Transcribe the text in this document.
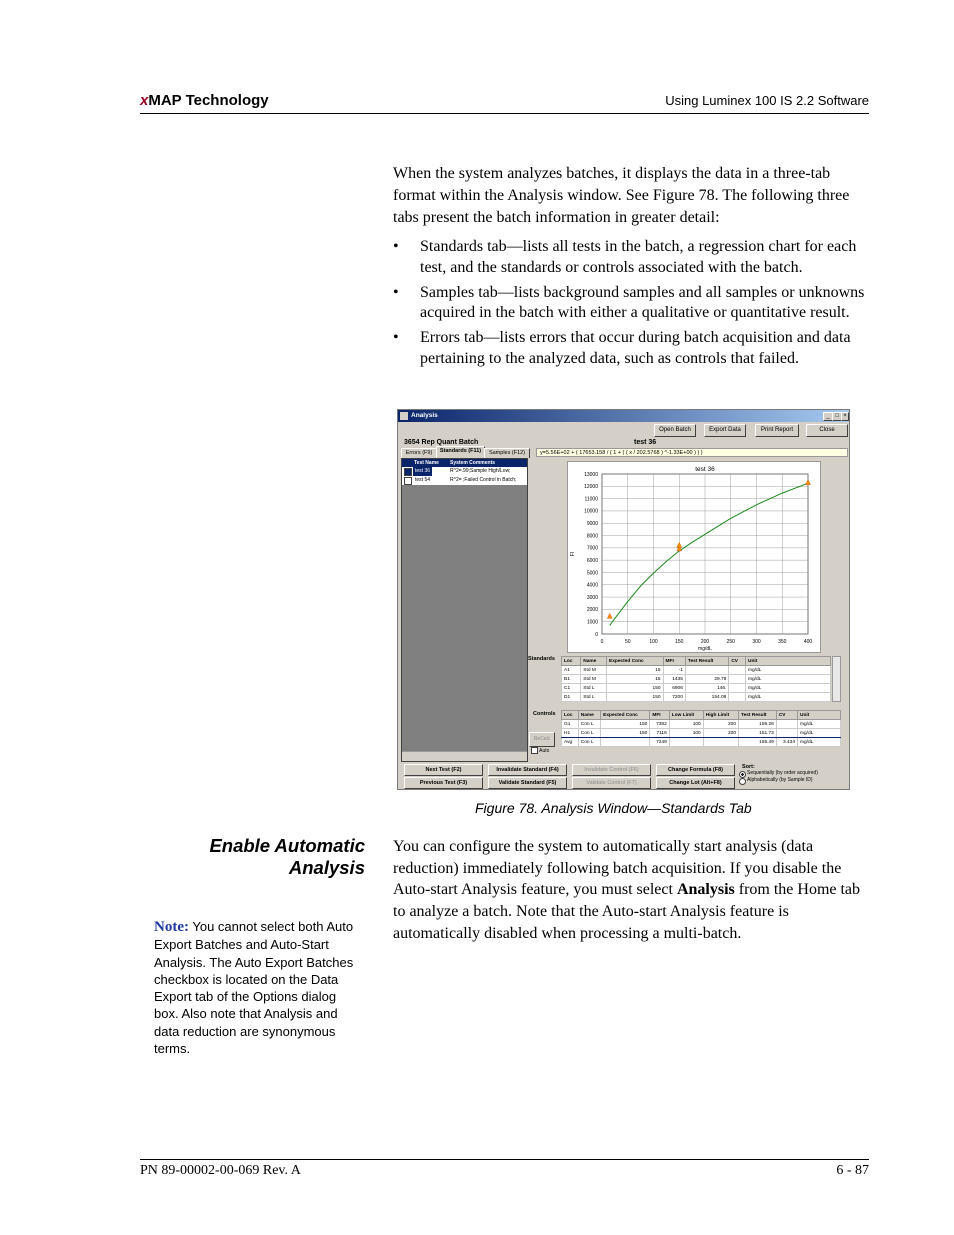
xMAP Technology	Using Luminex 100 IS 2.2 Software
When the system analyzes batches, it displays the data in a three-tab format within the Analysis window. See Figure 78. The following three tabs present the batch information in greater detail:
• Standards tab—lists all tests in the batch, a regression chart for each test, and the standards or controls associated with the batch.
• Samples tab—lists background samples and all samples or unknowns acquired in the batch with either a qualitative or quantitative result.
• Errors tab—lists errors that occur during batch acquisition and data pertaining to the analyzed data, such as controls that failed.
Analysis	_ □ ×
Open Batch	Export Data	Print Report	Close
3654 Rep Quant Batch	test 36
Errors (F9)	Standards (F11)	Samples (F12)	y=5.56E+02 + ( 17653.158 / ( 1 + ( ( x / 202.5768 ) ^-1.33E+00 ) ) )
Test Name System Comments
test 36	R^2=.99;Sample High/Low;
test 54	R^2= ;Failed Control in Batch;
0	50	100	150	200	250	300	350	400
0
1000
2000
3000
4000
5000
6000
7000
8000
9000
10000
11000
12000
13000
test 36
mg/dL
FI
Standards Loc	Name	Expected Conc	MFI	Test Result	CV	Unit
A1	Std M	15	-1			mg/dL
B1	Std M	15	1435	29.78		mg/dL
C1	Std L	150	6906	146.		mg/dL
D1	Std L	150	7200	154.08		mg/dL
Controls Loc	Name	Expected Conc	MFI	Low Limit	High Limit	Test Result	CV	Unit
G1	Con L	150	7382	100	200	159.26		mg/dL
H1	Con L	150	7116	100	200	151.73		mg/dL
Avg	Con L		7249			155.49	3.434	mg/dL
ReCalc
Auto
Next Test (F2)	Invalidate Standard (F4)	Invalidate Control (F6)	Change Formula (F8)
Previous Test (F3)	Validate Standard (F5)	Validate Control (F7)	Change Lot (Alt+F8)
Sort:
Sequentially (by order acquired)
Alphabetically (by Sample ID)
Figure 78. Analysis Window—Standards Tab
Enable Automatic
Analysis
You can configure the system to automatically start analysis (data reduction) immediately following batch acquisition. If you disable the Auto-start Analysis feature, you must select Analysis from the Home tab to analyze a batch. Note that the Auto-start Analysis feature is automatically disabled when processing a multi-batch.
Note: You cannot select both Auto Export Batches and Auto-Start Analysis. The Auto Export Batches checkbox is located on the Data Export tab of the Options dialog box. Also note that Analysis and data reduction are synonymous terms.
PN 89-00002-00-069 Rev. A	6 - 87
